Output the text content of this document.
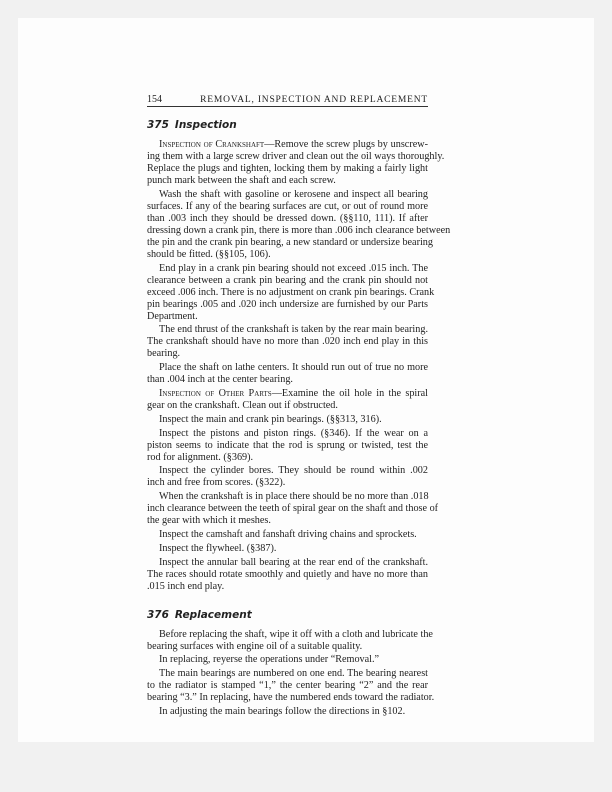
154	REMOVAL, INSPECTION AND REPLACEMENT
375 Inspection
Inspection of Crankshaft—Remove the screw plugs by unscrew-
ing them with a large screw driver and clean out the oil ways thoroughly.
Replace the plugs and tighten, locking them by making a fairly light
punch mark between the shaft and each screw.
Wash the shaft with gasoline or kerosene and inspect all bearing
surfaces. If any of the bearing surfaces are cut, or out of round more
than .003 inch they should be dressed down. (§§110, 111). If after
dressing down a crank pin, there is more than .006 inch clearance between
the pin and the crank pin bearing, a new standard or undersize bearing
should be fitted. (§§105, 106).
End play in a crank pin bearing should not exceed .015 inch. The
clearance between a crank pin bearing and the crank pin should not
exceed .006 inch. There is no adjustment on crank pin bearings. Crank
pin bearings .005 and .020 inch undersize are furnished by our Parts
Department.
The end thrust of the crankshaft is taken by the rear main bearing.
The crankshaft should have no more than .020 inch end play in this
bearing.
Place the shaft on lathe centers. It should run out of true no more
than .004 inch at the center bearing.
Inspection of Other Parts—Examine the oil hole in the spiral
gear on the crankshaft. Clean out if obstructed.
Inspect the main and crank pin bearings. (§§313, 316).
Inspect the pistons and piston rings. (§346). If the wear on a
piston seems to indicate that the rod is sprung or twisted, test the
rod for alignment. (§369).
Inspect the cylinder bores. They should be round within .002
inch and free from scores. (§322).
When the crankshaft is in place there should be no more than .018
inch clearance between the teeth of spiral gear on the shaft and those of
the gear with which it meshes.
Inspect the camshaft and fanshaft driving chains and sprockets.
Inspect the flywheel. (§387).
Inspect the annular ball bearing at the rear end of the crankshaft.
The races should rotate smoothly and quietly and have no more than
.015 inch end play.
376 Replacement
Before replacing the shaft, wipe it off with a cloth and lubricate the
bearing surfaces with engine oil of a suitable quality.
In replacing, reyerse the operations under “Removal.”
The main bearings are numbered on one end. The bearing nearest
to the radiator is stamped “1,” the center bearing “2” and the rear
bearing “3.” In replacing, have the numbered ends toward the radiator.
In adjusting the main bearings follow the directions in §102.
